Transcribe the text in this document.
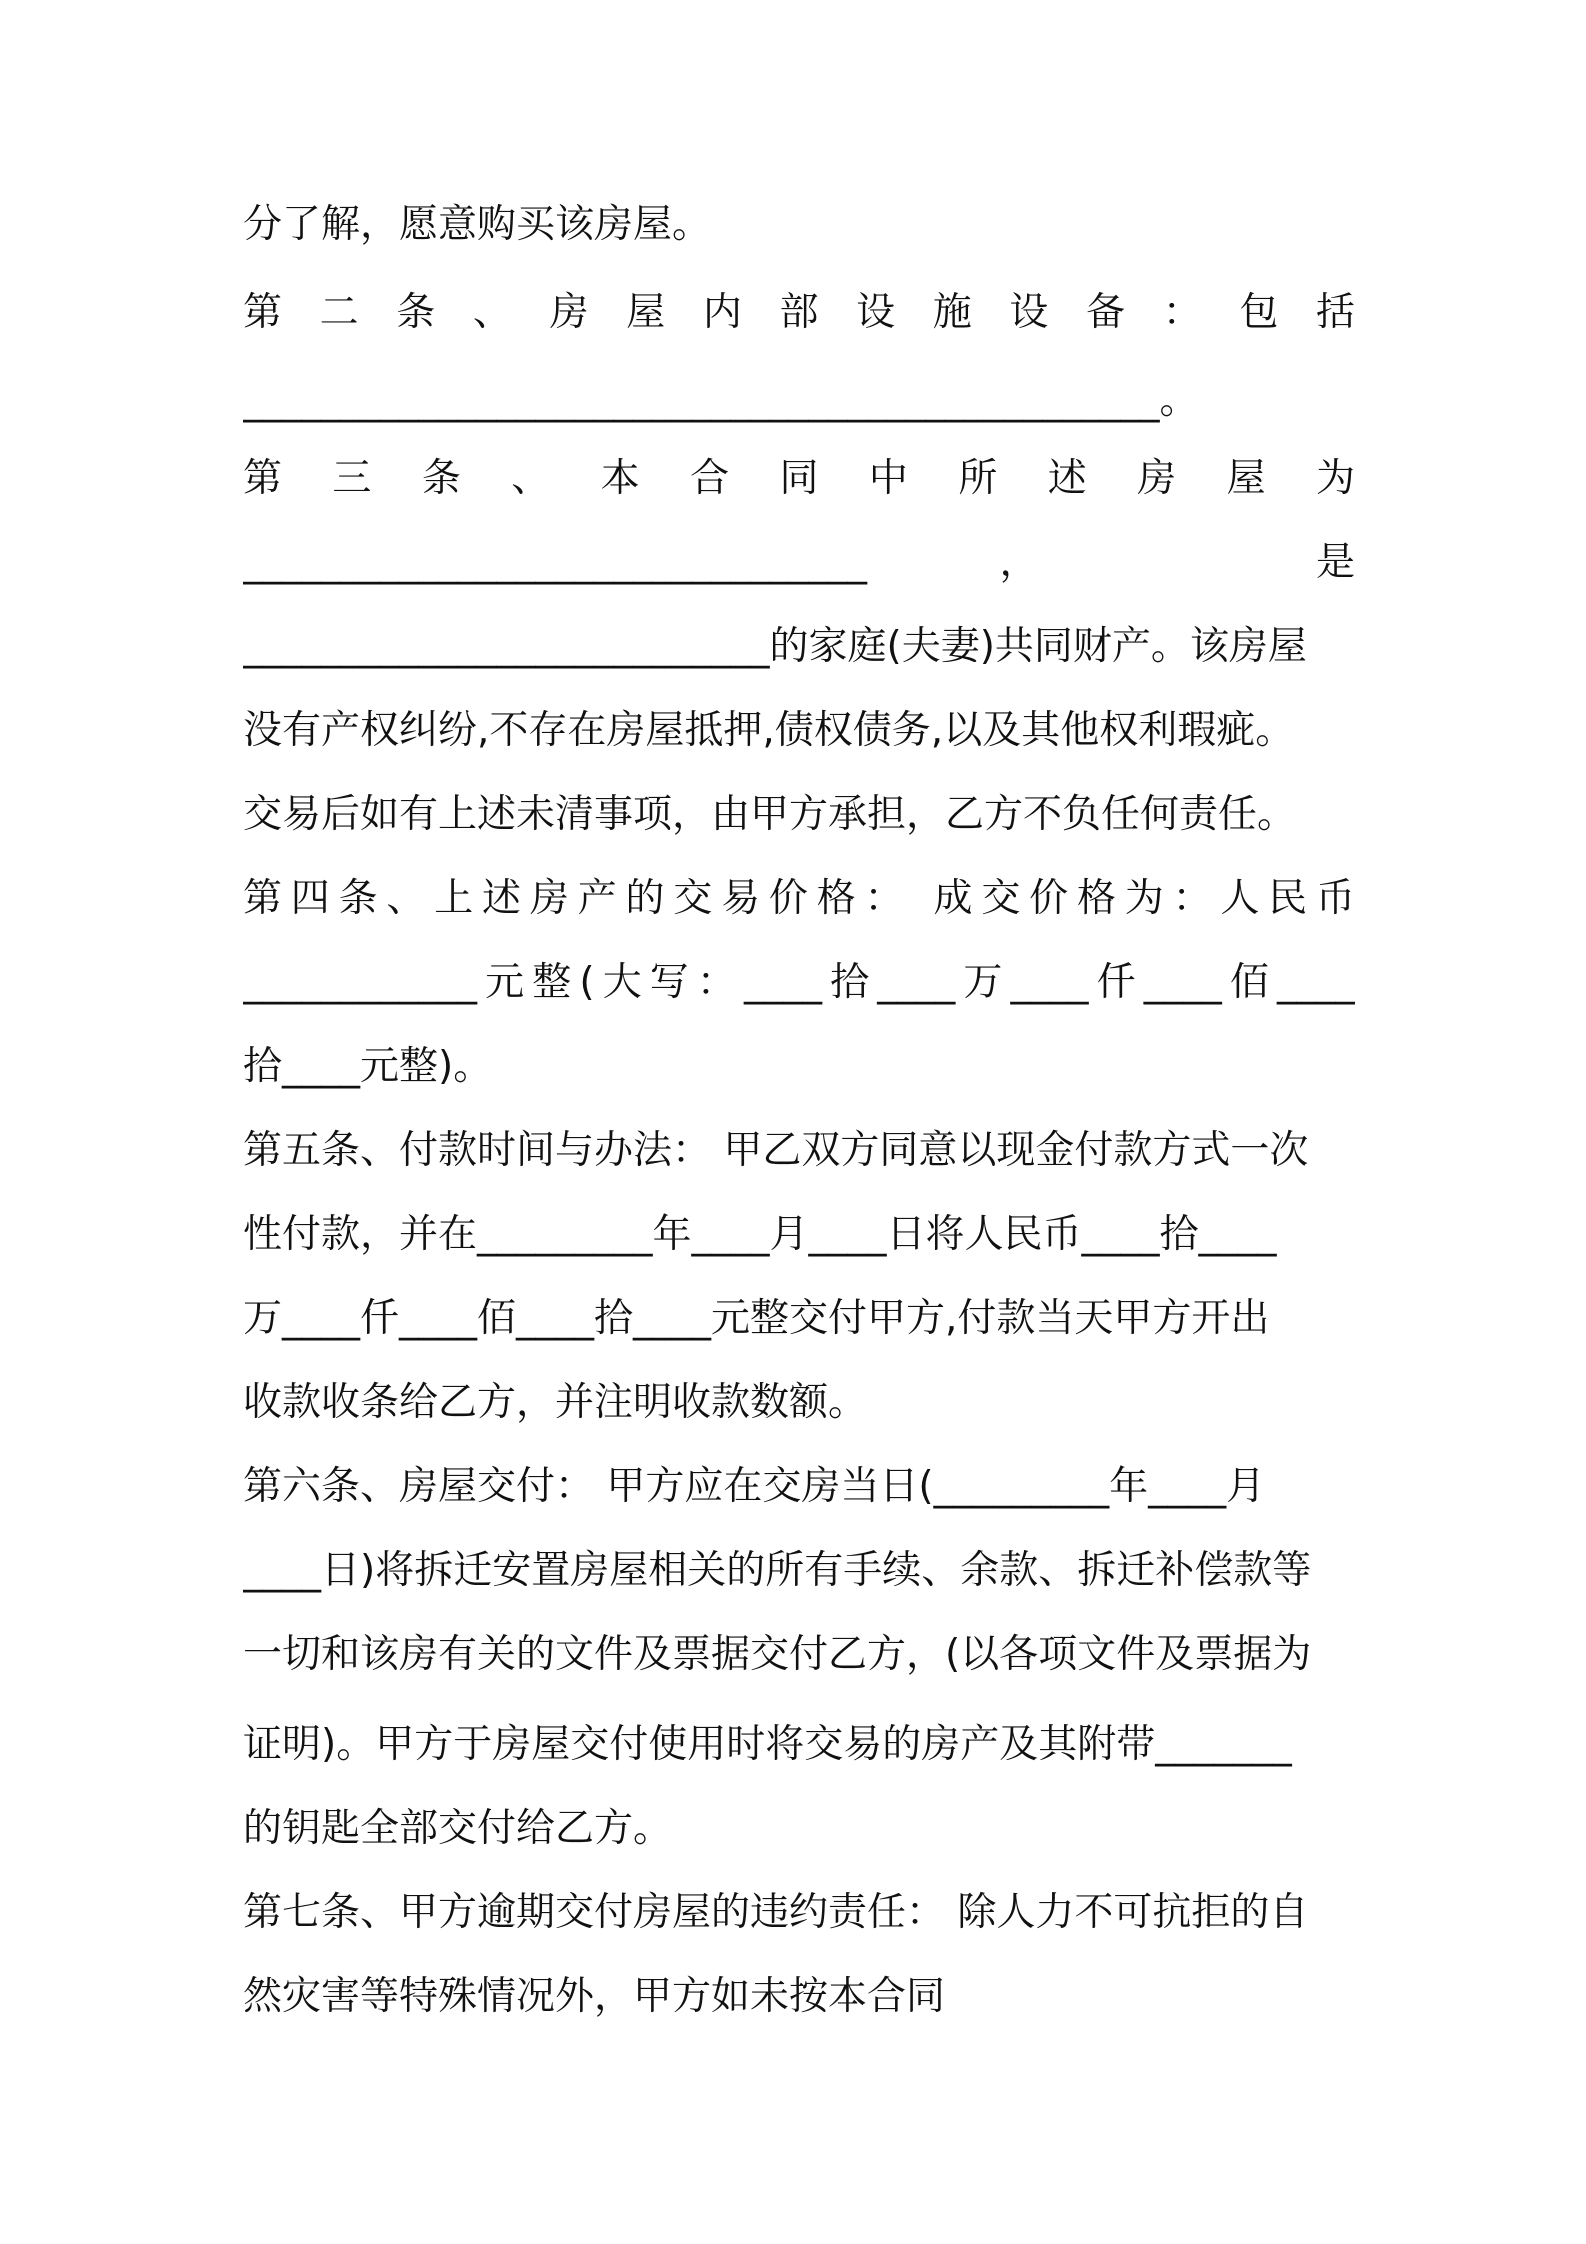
分了解，愿意购买该房屋。
第 二 条 、 房 屋 内 部 设 施 设 备 ： 包 括
_______________________________________________。
第 三 条 、 本 合 同 中 所 述 房 屋 为
________________________________， 是
___________________________的家庭(夫妻)共同财产。该房屋
没有产权纠纷,不存在房屋抵押,债权债务,以及其他权利瑕疵。
交易后如有上述未清事项，由甲方承担，乙方不负任何责任。
第四条、上述房产的交易价格： 成交价格为：人民币
____________元整(大写：____拾____万____仟____佰____
拾____元整)。
第五条、付款时间与办法： 甲乙双方同意以现金付款方式一次
性付款，并在_________年____月____日将人民币____拾____
万____仟____佰____拾____元整交付甲方,付款当天甲方开出
收款收条给乙方，并注明收款数额。
第六条、房屋交付： 甲方应在交房当日(_________年____月
____日)将拆迁安置房屋相关的所有手续、余款、拆迁补偿款等
一切和该房有关的文件及票据交付乙方，(以各项文件及票据为
证明)。甲方于房屋交付使用时将交易的房产及其附带_______
的钥匙全部交付给乙方。
第七条、甲方逾期交付房屋的违约责任： 除人力不可抗拒的自
然灾害等特殊情况外，甲方如未按本合同
